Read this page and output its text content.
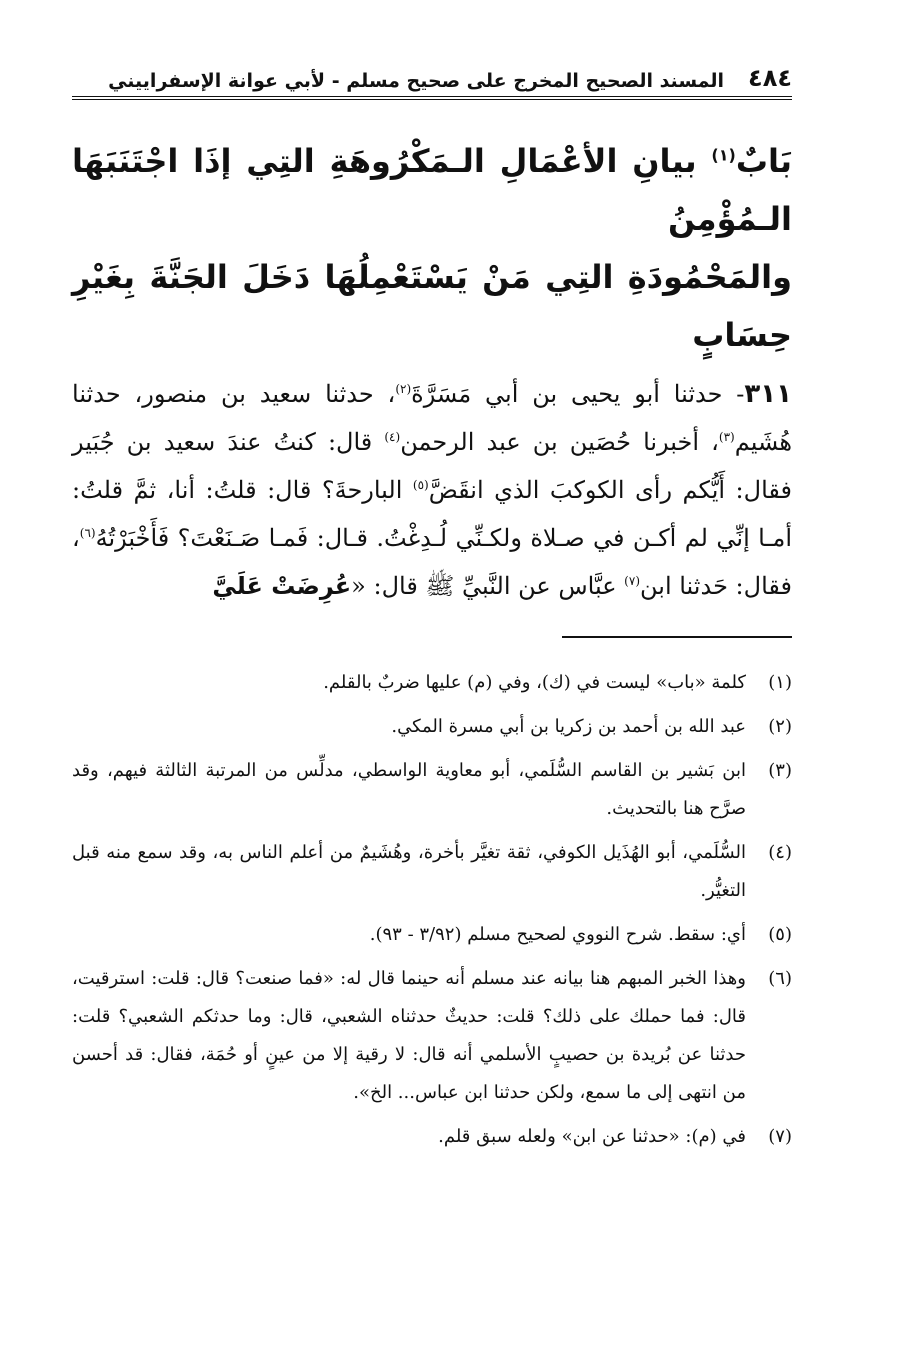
٤٨٤
المسند الصحيح المخرج على صحيح مسلم - لأبي عوانة الإسفراييني
بَابٌ$^{(١)}$ بيانِ الأعْمَالِ الـمَكْرُوهَةِ التِي إذَا اجْتَنَبَهَا الـمُؤْمِنُ
والمَحْمُودَةِ التِي مَنْ يَسْتَعْمِلُهَا دَخَلَ الجَنَّةَ بِغَيْرِ حِسَابٍ
٣١١- حدثنا أبو يحيى بن أبي مَسَرَّةَ$^{(٢)}$، حدثنا سعيد بن منصور، حدثنا هُشَيم$^{(٣)}$، أخبرنا حُصَين بن عبد الرحمن$^{(٤)}$ قال: كنتُ عندَ سعيد بن جُبَير فقال: أَيُّكم رأى الكوكبَ الذي انقَضَّ$^{(٥)}$ البارحةَ؟ قال: قلتُ: أنا، ثمَّ قلتُ: أمـا إنِّي لم أكـن في صـلاة ولكـنِّي لُـدِغْتُ. قـال: فَمـا صَـنَعْتَ؟ فَأَخْبَرْتُهُ$^{(٦)}$، فقال: حَدثنا ابن$^{(٧)}$ عبَّاس عن النَّبيِّ ﷺ قال: «عُرِضَتْ عَلَيَّ
(١)
كلمة «باب» ليست في (ك)، وفي (م) عليها ضربٌ بالقلم.
(٢)
عبد الله بن أحمد بن زكريا بن أبي مسرة المكي.
(٣)
ابن بَشير بن القاسم السُّلَمي، أبو معاوية الواسطي، مدلِّس من المرتبة الثالثة فيهم، وقد صرَّح هنا بالتحديث.
(٤)
السُّلَمي، أبو الهُذَيل الكوفي، ثقة تغيَّر بأخرة، وهُشَيمٌ من أعلم الناس به، وقد سمع منه قبل التغيُّر.
(٥)
أي: سقط. شرح النووي لصحيح مسلم (٣/٩٢ - ٩٣).
(٦)
وهذا الخبر المبهم هنا بيانه عند مسلم أنه حينما قال له: «فما صنعت؟ قال: قلت: استرقيت، قال: فما حملك على ذلك؟ قلت: حديثٌ حدثناه الشعبي، قال: وما حدثكم الشعبي؟ قلت: حدثنا عن بُريدة بن حصيبٍ الأسلمي أنه قال: لا رقية إلا من عينٍ أو حُمَة، فقال: قد أحسن من انتهى إلى ما سمع، ولكن حدثنا ابن عباس... الخ».
(٧)
في (م): «حدثنا عن ابن» ولعله سبق قلم.
